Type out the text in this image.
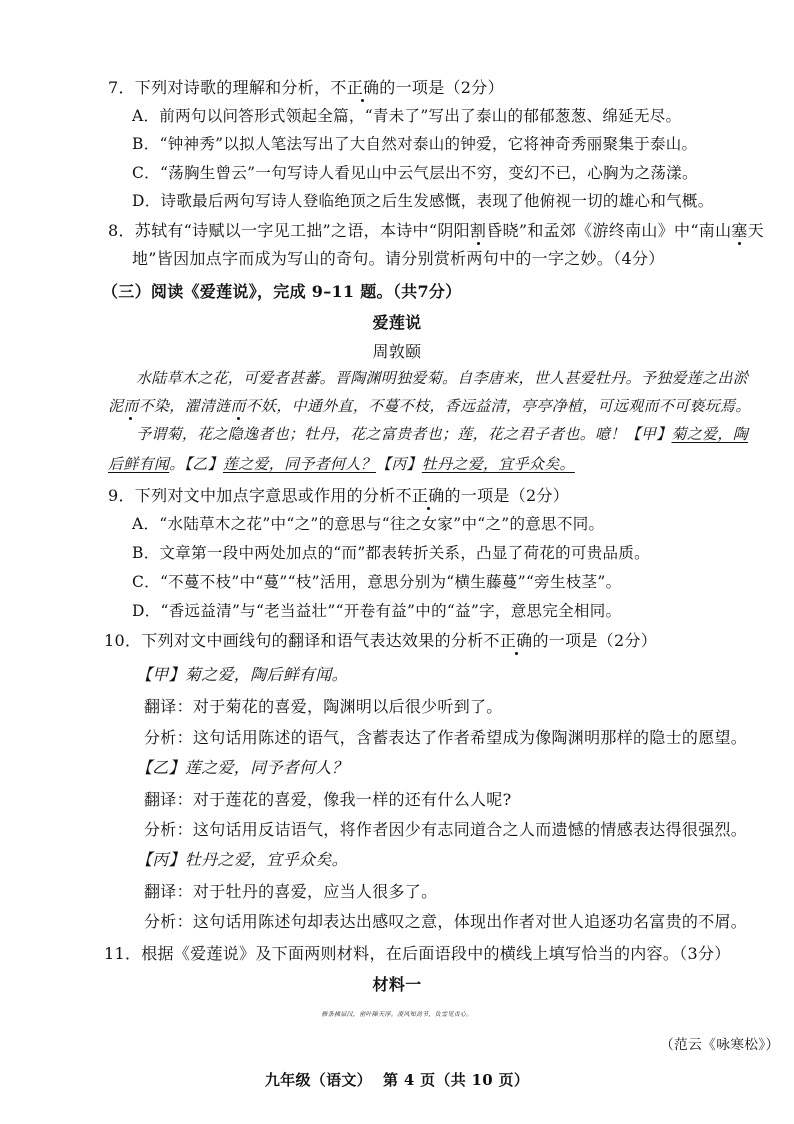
7．下列对诗歌的理解和分析，不正确的一项是（2分）
A．前两句以问答形式领起全篇，“青未了”写出了泰山的郁郁葱葱、绵延无尽。
B．“钟神秀”以拟人笔法写出了大自然对泰山的钟爱，它将神奇秀丽聚集于泰山。
C．“荡胸生曾云”一句写诗人看见山中云气层出不穷，变幻不已，心胸为之荡漾。
D．诗歌最后两句写诗人登临绝顶之后生发感慨，表现了他俯视一切的雄心和气概。
8．苏轼有“诗赋以一字见工拙”之语，本诗中“阴阳割昏晓”和孟郊《游终南山》中“南山塞天
地”皆因加点字而成为写山的奇句。请分别赏析两句中的一字之妙。（4分）
（三）阅读《爱莲说》，完成 9–11 题。（共7分）
爱莲说
周敦颐
水陆草木之花，可爱者甚蕃。晋陶渊明独爱菊。自李唐来，世人甚爱牡丹。予独爱莲之出淤
泥而不染，濯清涟而不妖，中通外直，不蔓不枝，香远益清，亭亭净植，可远观而不可亵玩焉。
予谓菊，花之隐逸者也；牡丹，花之富贵者也；莲，花之君子者也。噫！【甲】菊之爱，陶
后鲜有闻。【乙】莲之爱，同予者何人？【丙】牡丹之爱，宜乎众矣。
9．下列对文中加点字意思或作用的分析不正确的一项是（2分）
A．“水陆草木之花”中“之”的意思与“往之女家”中“之”的意思不同。
B．文章第一段中两处加点的“而”都表转折关系，凸显了荷花的可贵品质。
C．“不蔓不枝”中“蔓”“枝”活用，意思分别为“横生藤蔓”“旁生枝茎”。
D．“香远益清”与“老当益壮”“开卷有益”中的“益”字，意思完全相同。
10．下列对文中画线句的翻译和语气表达效果的分析不正确的一项是（2分）
【甲】菊之爱，陶后鲜有闻。
翻译：对于菊花的喜爱，陶渊明以后很少听到了。
分析：这句话用陈述的语气，含蓄表达了作者希望成为像陶渊明那样的隐士的愿望。
【乙】莲之爱，同予者何人？
翻译：对于莲花的喜爱，像我一样的还有什么人呢?
分析：这句话用反诘语气，将作者因少有志同道合之人而遗憾的情感表达得很强烈。
【丙】牡丹之爱，宜乎众矣。
翻译：对于牡丹的喜爱，应当人很多了。
分析：这句话用陈述句却表达出感叹之意，体现出作者对世人追逐功名富贵的不屑。
11．根据《爱莲说》及下面两则材料，在后面语段中的横线上填写恰当的内容。（3分）
材料一
修条拂层汉，密叶障天浮。凌风知劲节，负雪见贞心。
（范云《咏寒松》）
九年级（语文）  第 4 页（共 10 页）
